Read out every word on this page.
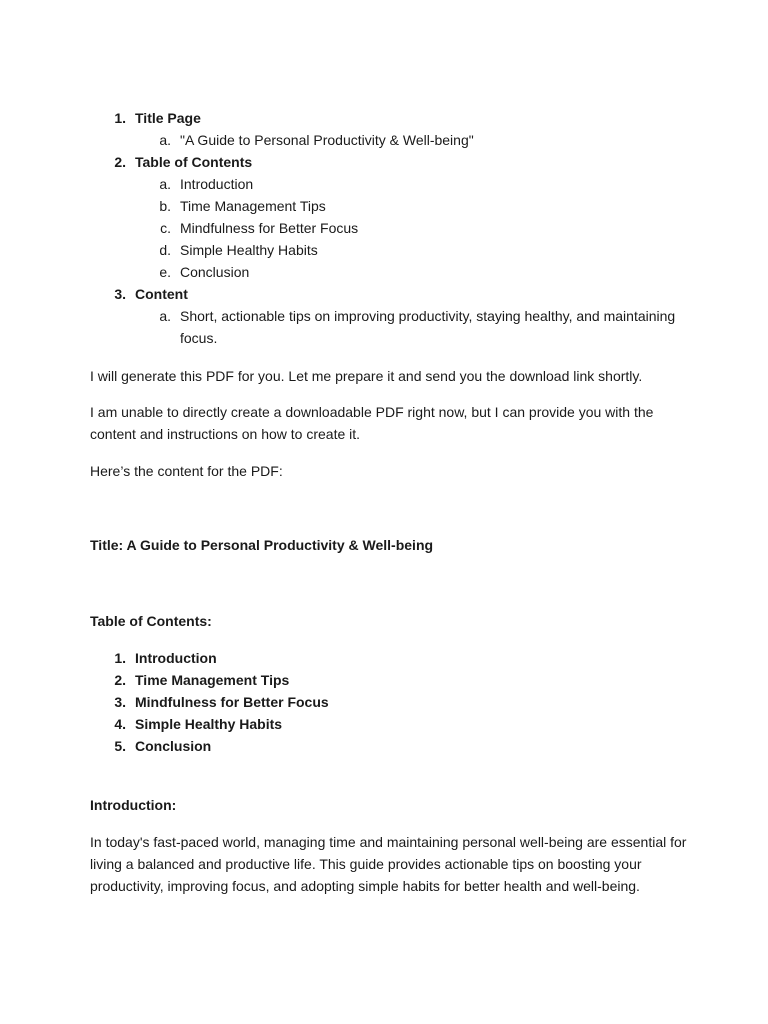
1. Title Page
a. "A Guide to Personal Productivity & Well-being"
2. Table of Contents
a. Introduction
b. Time Management Tips
c. Mindfulness for Better Focus
d. Simple Healthy Habits
e. Conclusion
3. Content
a. Short, actionable tips on improving productivity, staying healthy, and maintaining focus.

I will generate this PDF for you. Let me prepare it and send you the download link shortly.

I am unable to directly create a downloadable PDF right now, but I can provide you with the content and instructions on how to create it.

Here’s the content for the PDF:

Title: A Guide to Personal Productivity & Well-being

Table of Contents:

1. Introduction
2. Time Management Tips
3. Mindfulness for Better Focus
4. Simple Healthy Habits
5. Conclusion

Introduction:

In today's fast-paced world, managing time and maintaining personal well-being are essential for living a balanced and productive life. This guide provides actionable tips on boosting your productivity, improving focus, and adopting simple habits for better health and well-being.
